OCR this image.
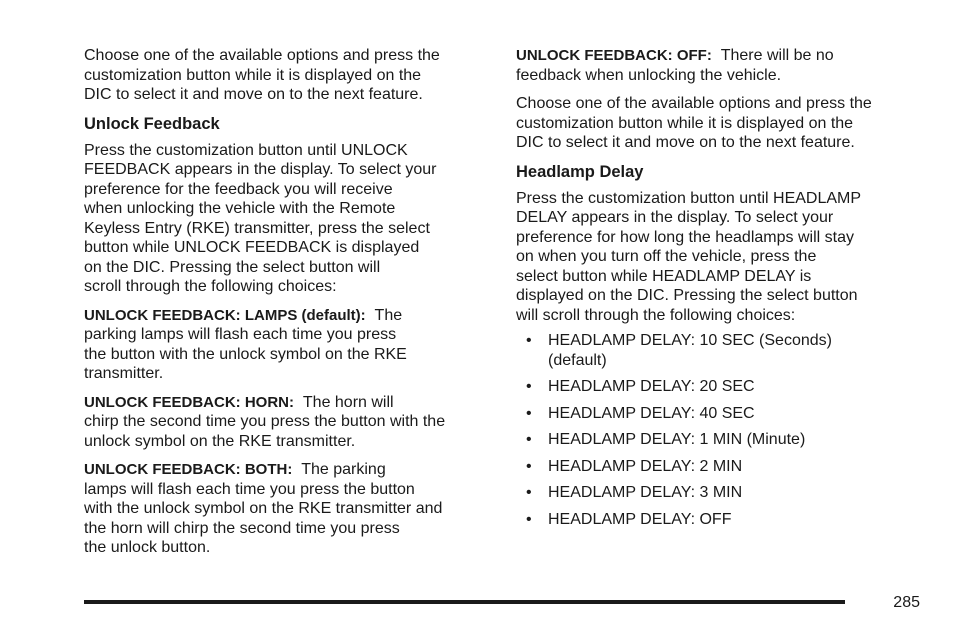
Choose one of the available options and press the
customization button while it is displayed on the
DIC to select it and move on to the next feature.

Unlock Feedback

Press the customization button until UNLOCK
FEEDBACK appears in the display. To select your
preference for the feedback you will receive
when unlocking the vehicle with the Remote
Keyless Entry (RKE) transmitter, press the select
button while UNLOCK FEEDBACK is displayed
on the DIC. Pressing the select button will
scroll through the following choices:

UNLOCK FEEDBACK: LAMPS (default): The
parking lamps will flash each time you press
the button with the unlock symbol on the RKE
transmitter.

UNLOCK FEEDBACK: HORN: The horn will
chirp the second time you press the button with the
unlock symbol on the RKE transmitter.

UNLOCK FEEDBACK: BOTH: The parking
lamps will flash each time you press the button
with the unlock symbol on the RKE transmitter and
the horn will chirp the second time you press
the unlock button.

UNLOCK FEEDBACK: OFF: There will be no
feedback when unlocking the vehicle.

Choose one of the available options and press the
customization button while it is displayed on the
DIC to select it and move on to the next feature.

Headlamp Delay

Press the customization button until HEADLAMP
DELAY appears in the display. To select your
preference for how long the headlamps will stay
on when you turn off the vehicle, press the
select button while HEADLAMP DELAY is
displayed on the DIC. Pressing the select button
will scroll through the following choices:

• HEADLAMP DELAY: 10 SEC (Seconds)
(default)
• HEADLAMP DELAY: 20 SEC
• HEADLAMP DELAY: 40 SEC
• HEADLAMP DELAY: 1 MIN (Minute)
• HEADLAMP DELAY: 2 MIN
• HEADLAMP DELAY: 3 MIN
• HEADLAMP DELAY: OFF
285
